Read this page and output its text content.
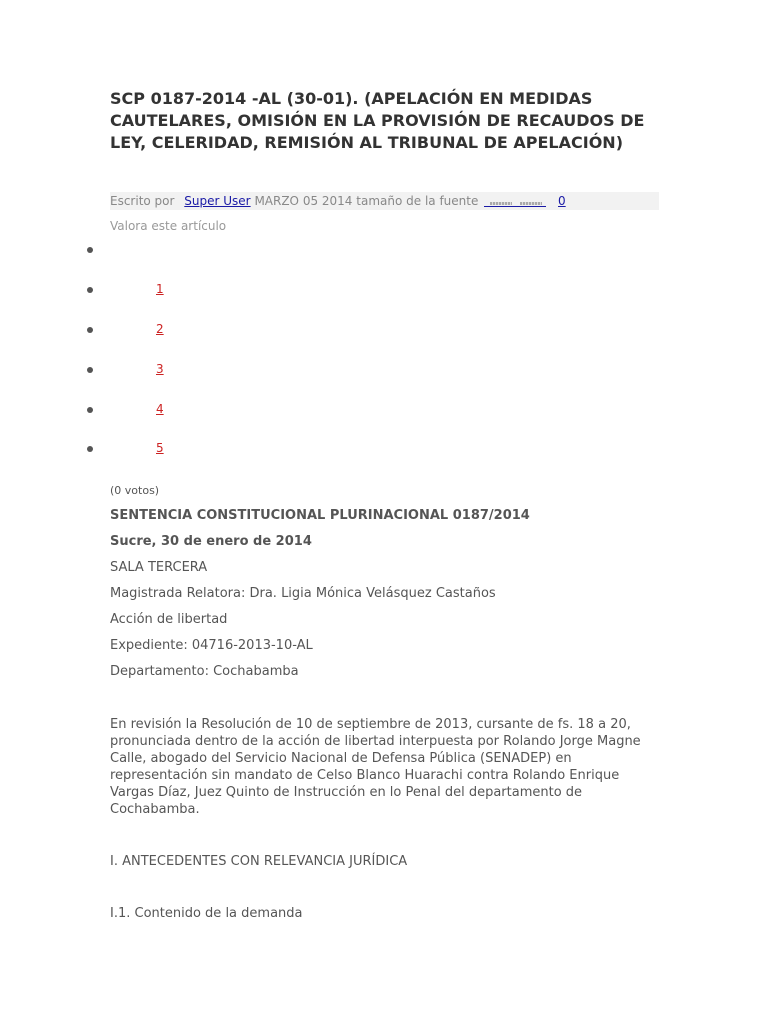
SCP 0187-2014 -AL (30-01). (APELACIÓN EN MEDIDAS CAUTELARES, OMISIÓN EN LA PROVISIÓN DE RECAUDOS DE LEY, CELERIDAD, REMISIÓN AL TRIBUNAL DE APELACIÓN)
Escrito por Super User MARZO 05 2014 tamaño de la fuente	0
Valora este artículo
1
2
3
4
5
(0 votos)
SENTENCIA CONSTITUCIONAL PLURINACIONAL 0187/2014
Sucre, 30 de enero de 2014
SALA TERCERA
Magistrada Relatora: Dra. Ligia Mónica Velásquez Castaños
Acción de libertad
Expediente: 04716-2013-10-AL
Departamento: Cochabamba

En revisión la Resolución de 10 de septiembre de 2013, cursante de fs. 18 a 20, pronunciada dentro de la acción de libertad interpuesta por Rolando Jorge Magne Calle, abogado del Servicio Nacional de Defensa Pública (SENADEP) en representación sin mandato de Celso Blanco Huarachi contra Rolando Enrique Vargas Díaz, Juez Quinto de Instrucción en lo Penal del departamento de Cochabamba.

I. ANTECEDENTES CON RELEVANCIA JURÍDICA
I.1. Contenido de la demanda
